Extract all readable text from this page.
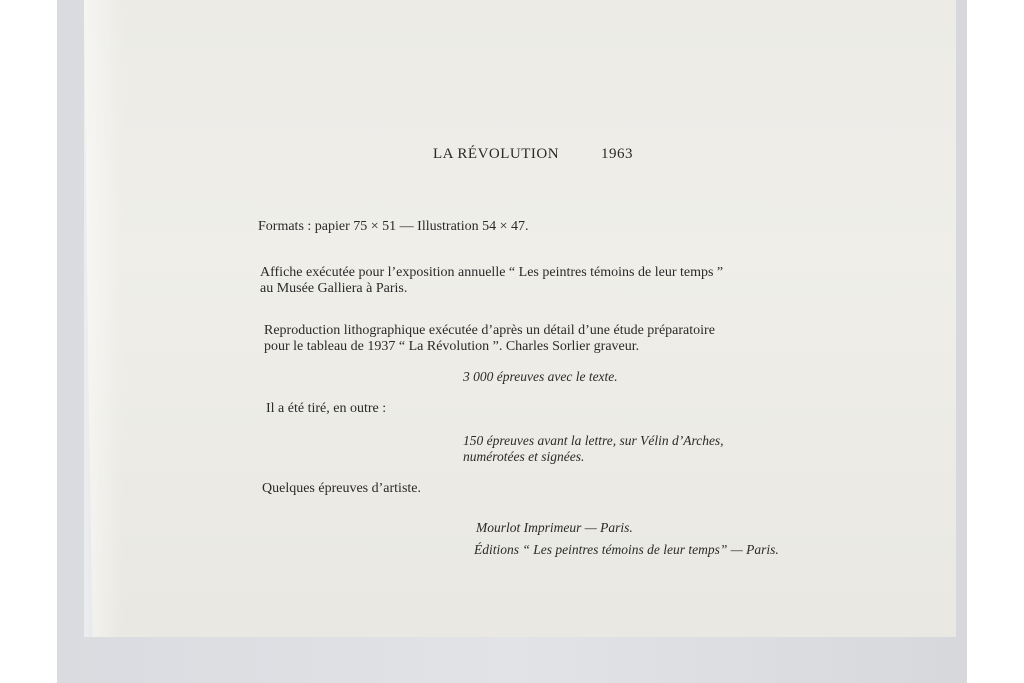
LA RÉVOLUTION	1963
Formats : papier 75 × 51 — Illustration 54 × 47.
Affiche exécutée pour l’exposition annuelle “ Les peintres témoins de leur temps ”
au Musée Galliera à Paris.
Reproduction lithographique exécutée d’après un détail d’une étude préparatoire
pour le tableau de 1937 “ La Révolution ”. Charles Sorlier graveur.
3 000 épreuves avec le texte.
Il a été tiré, en outre :
150 épreuves avant la lettre, sur Vélin d’Arches,
numérotées et signées.
Quelques épreuves d’artiste.
Mourlot Imprimeur — Paris.
Éditions “ Les peintres témoins de leur temps” — Paris.
